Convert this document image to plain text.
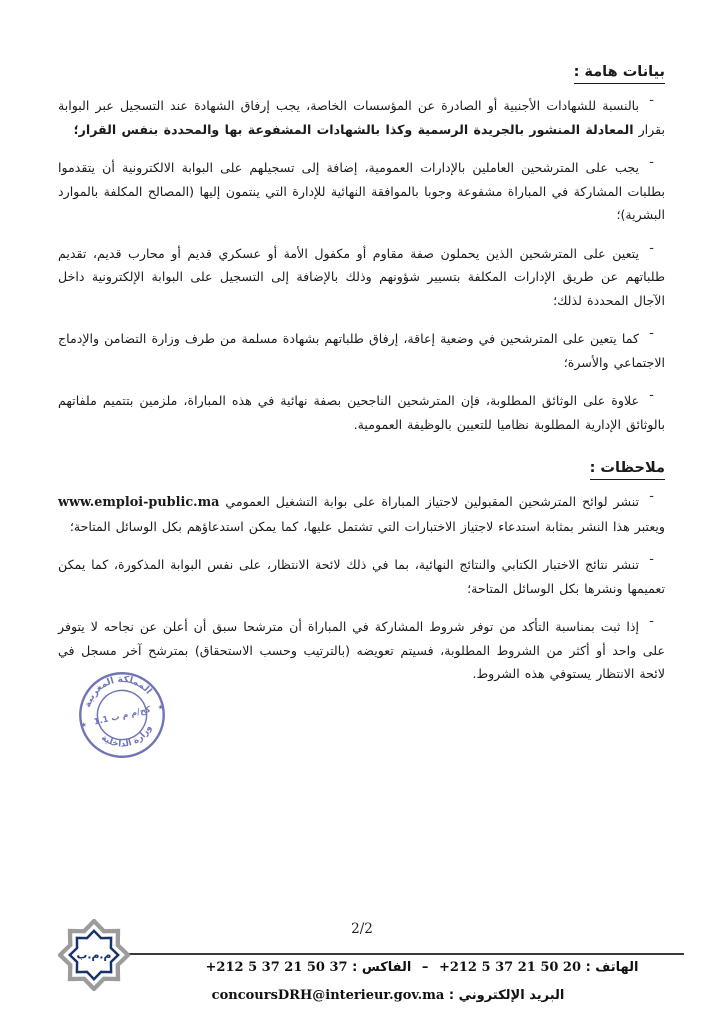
بيانات هامة :
-

بالنسبة للشهادات الأجنبية أو الصادرة عن المؤسسات الخاصة، يجب إرفاق الشهادة عند التسجيل عبر البوابة بقرار المعادلة المنشور بالجريدة الرسمية وكذا بالشهادات المشفوعة بها والمحددة بنفس القرار؛

-

يجب على المترشحين العاملين بالإدارات العمومية، إضافة إلى تسجيلهم على البوابة الالكترونية أن يتقدموا بطلبات المشاركة في المباراة مشفوعة وجوبا بالموافقة النهائية للإدارة التي ينتمون إليها (المصالح المكلفة بالموارد البشرية)؛

-

يتعين على المترشحين الذين يحملون صفة مقاوم أو مكفول الأمة أو عسكري قديم أو محارب قديم، تقديم طلباتهم عن طريق الإدارات المكلفة بتسيير شؤونهم وذلك بالإضافة إلى التسجيل على البوابة الإلكترونية داخل الآجال المحددة لذلك؛

-

كما يتعين على المترشحين في وضعية إعاقة، إرفاق طلباتهم بشهادة مسلمة من طرف وزارة التضامن والإدماج الاجتماعي والأسرة؛

-

علاوة على الوثائق المطلوبة، فإن المترشحين الناجحين بصفة نهائية في هذه المباراة، ملزمين بتتميم ملفاتهم بالوثائق الإدارية المطلوبة نظاميا للتعيين بالوظيفة العمومية.

ملاحظات :
-

تنشر لوائح المترشحين المقبولين لاجتياز المباراة على بوابة التشغيل العمومي www.emploi-public.ma ويعتبر هذا النشر بمثابة استدعاء لاجتياز الاختبارات التي تشتمل عليها، كما يمكن استدعاؤهم بكل الوسائل المتاحة؛

-

تنشر نتائج الاختبار الكتابي والنتائج النهائية، بما في ذلك لائحة الانتظار، على نفس البوابة المذكورة، كما يمكن تعميمها ونشرها بكل الوسائل المتاحة؛

-

إذا ثبت بمناسبة التأكد من توفر شروط المشاركة في المباراة أن مترشحا سبق أن أعلن عن نجاحه لا يتوفر على واحد أو أكثر من الشروط المطلوبة، فسيتم تعويضه (بالترتيب وحسب الاستحقاق) بمترشح آخر مسجل في لائحة الانتظار يستوفي هذه الشروط.

المملكة المغربية
وزارة الداخلية
كح/م م ب 1.1
★
★
2/2
م.م.ب
الهاتف : +212 5 37 21 50 20 – الفاكس : +212 5 37 21 50 37
البريد الإلكتروني : concoursDRH@interieur.gov.ma
